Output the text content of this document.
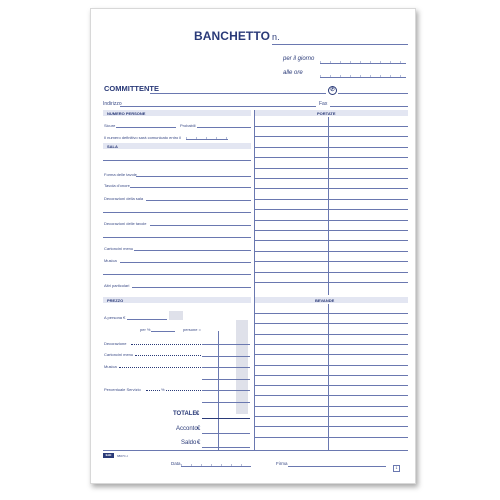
BANCHETTO n.
per il giorno
alle ore
COMMITTENTE	✆
Indirizzo	Fax
NUMERO PERSONE	PORTATE
Sicure	Probabili
Il numero definitivo sarà comunicato entro il
SALA
Forma delle tavole
Tavola d'onore
Decorazioni della sala
Decorazioni delle tavole
Cartoncini menu
Musica
Altri particolari
PREZZO	BEVANDE
A persona €
per %	persone =
Decorazione
Cartoncini menu
Musica
Percentuale Servizio	%
TOTALE €
Acconto €
Saldo €
Edit	6807C c
Data	Firma
1
